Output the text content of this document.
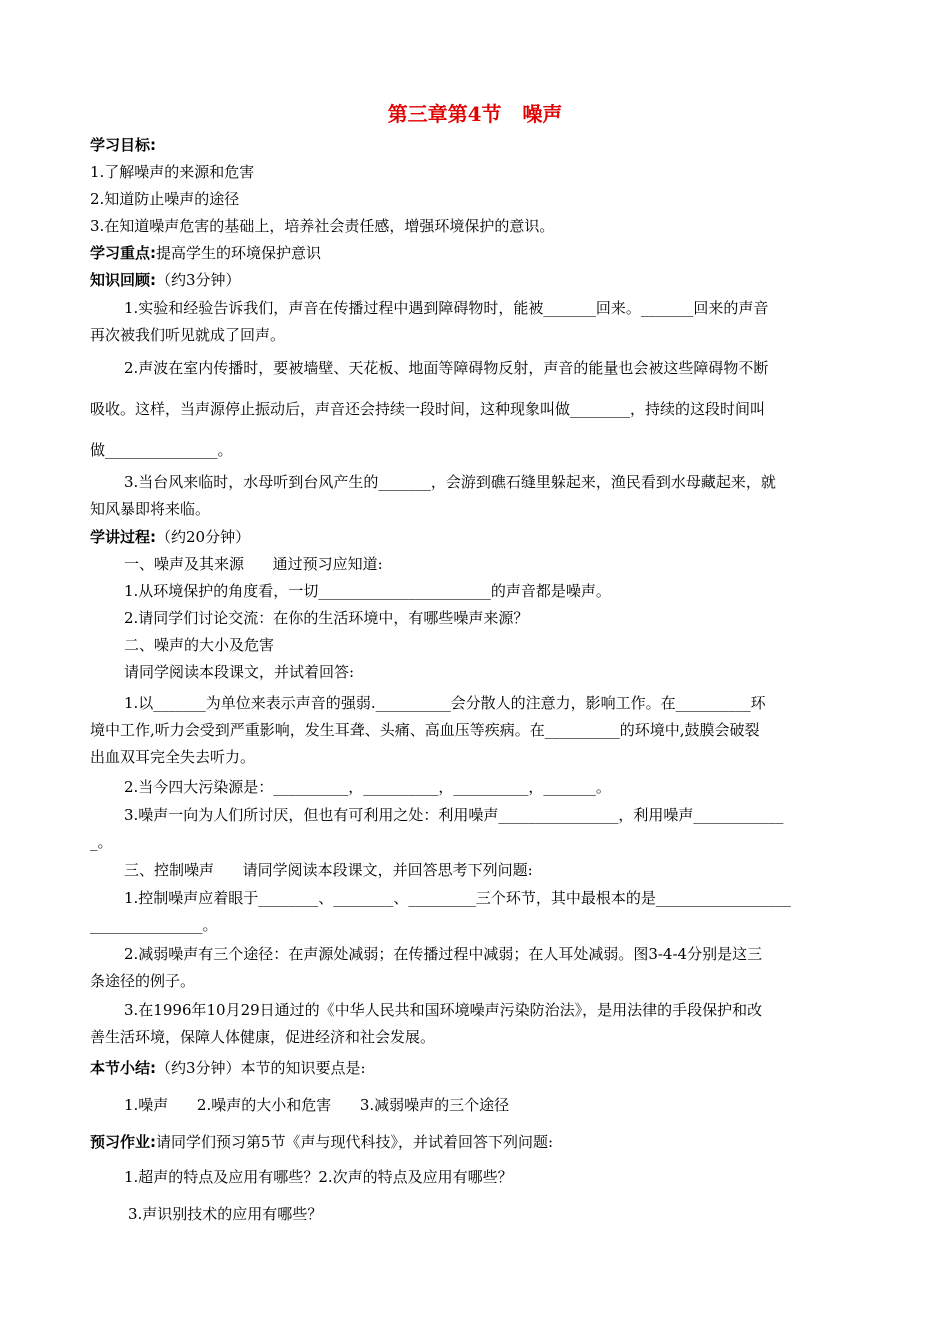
第三章第4节   噪声
学习目标:
1.了解噪声的来源和危害
2.知道防止噪声的途径
3.在知道噪声危害的基础上，培养社会责任感，增强环境保护的意识。
学习重点:提高学生的环境保护意识
知识回顾:（约3分钟）
1.实验和经验告诉我们，声音在传播过程中遇到障碍物时，能被_______回来。_______回来的声音
再次被我们听见就成了回声。
2.声波在室内传播时，要被墙壁、天花板、地面等障碍物反射，声音的能量也会被这些障碍物不断
吸收。这样，当声源停止振动后，声音还会持续一段时间，这种现象叫做________，持续的这段时间叫
做_______________。
3.当台风来临时，水母听到台风产生的_______，会游到礁石缝里躲起来，渔民看到水母藏起来，就
知风暴即将来临。
学讲过程:（约20分钟）
一、噪声及其来源      通过预习应知道:
1.从环境保护的角度看，一切_______________________的声音都是噪声。
2.请同学们讨论交流：在你的生活环境中，有哪些噪声来源？
二、噪声的大小及危害
请同学阅读本段课文，并试着回答:
1.以_______为单位来表示声音的强弱.__________会分散人的注意力，影响工作。在__________环
境中工作,听力会受到严重影响，发生耳聋、头痛、高血压等疾病。在__________的环境中,鼓膜会破裂
出血双耳完全失去听力。
2.当今四大污染源是：__________，__________，__________，_______。
3.噪声一向为人们所讨厌，但也有可利用之处：利用噪声________________，利用噪声____________
_。
三、控制噪声      请同学阅读本段课文，并回答思考下列问题:
1.控制噪声应着眼于________、________、_________三个环节，其中最根本的是__________________
_______________。
2.减弱噪声有三个途径：在声源处减弱；在传播过程中减弱；在人耳处减弱。图3-4-4分别是这三
条途径的例子。
3.在1996年10月29日通过的《中华人民共和国环境噪声污染防治法》，是用法律的手段保护和改
善生活环境，保障人体健康，促进经济和社会发展。
本节小结:（约3分钟）本节的知识要点是:
1.噪声      2.噪声的大小和危害      3.减弱噪声的三个途径
预习作业:请同学们预习第5节《声与现代科技》，并试着回答下列问题:
1.超声的特点及应用有哪些？2.次声的特点及应用有哪些？
3.声识别技术的应用有哪些？
